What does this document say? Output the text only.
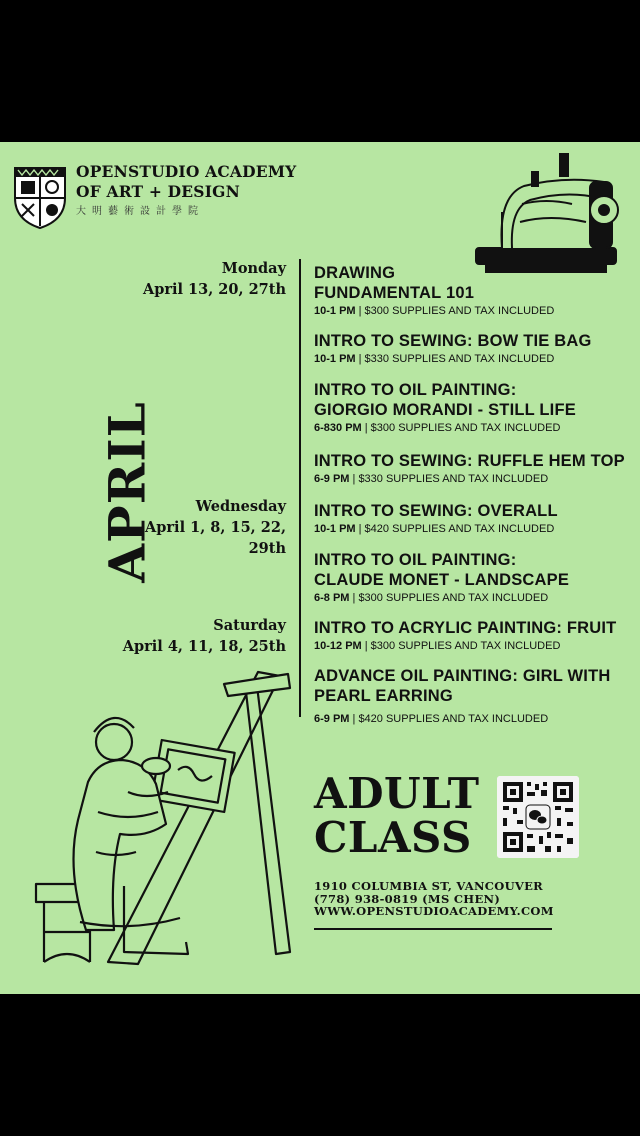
OPENSTUDIO ACADEMY
OF ART + DESIGN
大明藝術設計學院
Monday
April 13, 20, 27th
Wednesday
April 1, 8, 15, 22,
29th
Saturday
April 4, 11, 18, 25th
APRIL
DRAWING
FUNDAMENTAL 101
10-1 PM | $300 SUPPLIES AND TAX INCLUDED
INTRO TO SEWING: BOW TIE BAG
10-1 PM | $330 SUPPLIES AND TAX INCLUDED
INTRO TO OIL PAINTING:
GIORGIO MORANDI - STILL LIFE
6-830 PM | $300 SUPPLIES AND TAX INCLUDED
INTRO TO SEWING: RUFFLE HEM TOP
6-9 PM | $330 SUPPLIES AND TAX INCLUDED
INTRO TO SEWING: OVERALL
10-1 PM | $420 SUPPLIES AND TAX INCLUDED
INTRO TO OIL PAINTING:
CLAUDE MONET - LANDSCAPE
6-8 PM | $300 SUPPLIES AND TAX INCLUDED
INTRO TO ACRYLIC PAINTING: FRUIT
10-12 PM | $300 SUPPLIES AND TAX INCLUDED
ADVANCE OIL PAINTING: GIRL WITH
PEARL EARRING
6-9 PM | $420 SUPPLIES AND TAX INCLUDED
ADULT
CLASS
1910 COLUMBIA ST, VANCOUVER
(778) 938-0819 (MS CHEN)
WWW.OPENSTUDIOACADEMY.COM
